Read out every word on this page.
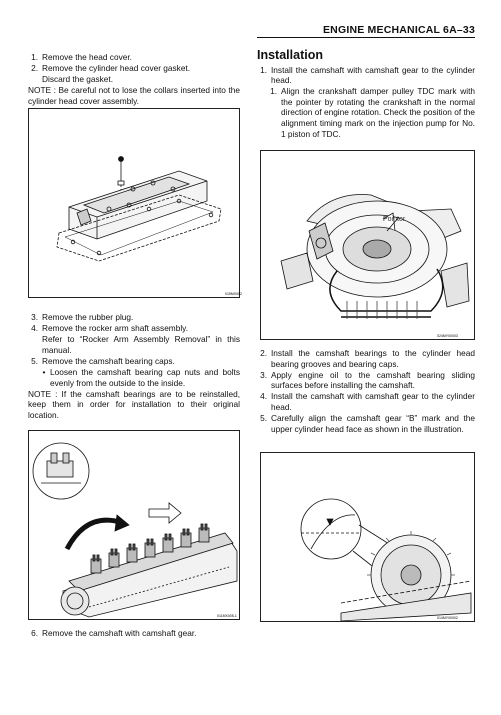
ENGINE MECHANICAL 6A–33
1. Remove the head cover.
2. Remove the cylinder head cover gasket.
Discard the gasket.
NOTE : Be careful not to lose the collars inserted into the cylinder head cover assembly.
015MX002
3. Remove the rubber plug.
4. Remove the rocker arm shaft assembly.
Refer to “Rocker Arm Assembly Removal” in this manual.
5. Remove the camshaft bearing caps.
• Loosen the camshaft bearing cap nuts and bolts evenly from the outside to the inside.
NOTE : If the camshaft bearings are to be reinstalled, keep them in order for installation to their original location.
011MX005-1
6. Remove the camshaft with camshaft gear.
Installation
1. Install the camshaft with camshaft gear to the cylinder head.
1. Align the crankshaft damper pulley TDC mark with the pointer by rotating the crankshaft in the normal direction of engine rotation. Check the position of the alignment timing mark on the injection pump for No. 1 piston of TDC.
Pointer
024MY00003
2. Install the camshaft bearings to the cylinder head bearing grooves and bearing caps.
3. Apply engine oil to the camshaft bearing sliding surfaces before installing the camshaft.
4. Install the camshaft with camshaft gear to the cylinder head.
5. Carefully align the camshaft gear “B” mark and the upper cylinder head face as shown in the illustration.
014MY00002
